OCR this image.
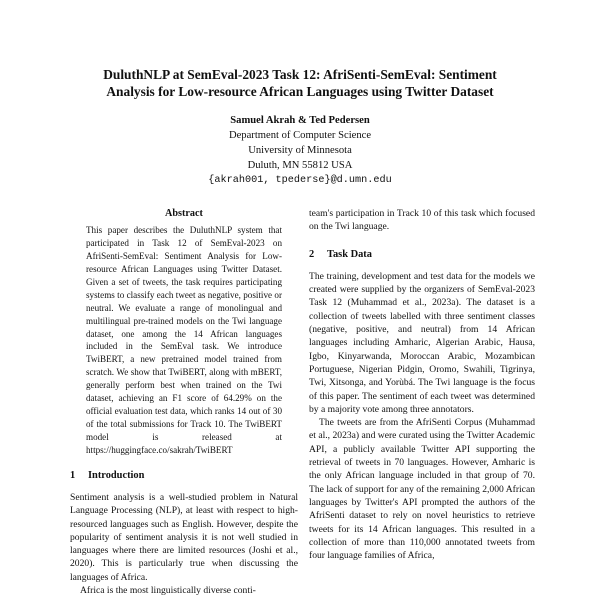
DuluthNLP at SemEval-2023 Task 12: AfriSenti-SemEval: Sentiment
Analysis for Low-resource African Languages using Twitter Dataset
Samuel Akrah & Ted Pedersen
Department of Computer Science
University of Minnesota
Duluth, MN 55812 USA
{akrah001, tpederse}@d.umn.edu
Abstract
This paper describes the DuluthNLP system that participated in Task 12 of SemEval-2023 on AfriSenti-SemEval: Sentiment Analysis for Low-resource African Languages using Twitter Dataset. Given a set of tweets, the task requires participating systems to classify each tweet as negative, positive or neutral. We evaluate a range of monolingual and multilingual pre-trained models on the Twi language dataset, one among the 14 African languages included in the SemEval task. We introduce TwiBERT, a new pretrained model trained from scratch. We show that TwiBERT, along with mBERT, generally perform best when trained on the Twi dataset, achieving an F1 score of 64.29% on the official evaluation test data, which ranks 14 out of 30 of the total submissions for Track 10. The TwiBERT model is released at https://huggingface.co/sakrah/TwiBERT
1 Introduction

Sentiment analysis is a well-studied problem in Natural Language Processing (NLP), at least with respect to high-resourced languages such as English. However, despite the popularity of sentiment analysis it is not well studied in languages where there are limited resources (Joshi et al., 2020). This is particularly true when discussing the languages of Africa.

Africa is the most linguistically diverse conti-

team's participation in Track 10 of this task which focused on the Twi language.

2 Task Data

The training, development and test data for the models we created were supplied by the organizers of SemEval-2023 Task 12 (Muhammad et al., 2023a). The dataset is a collection of tweets labelled with three sentiment classes (negative, positive, and neutral) from 14 African languages including Amharic, Algerian Arabic, Hausa, Igbo, Kinyarwanda, Moroccan Arabic, Mozambican Portuguese, Nigerian Pidgin, Oromo, Swahili, Tigrinya, Twi, Xitsonga, and Yorùbá. The Twi language is the focus of this paper. The sentiment of each tweet was determined by a majority vote among three annotators.

The tweets are from the AfriSenti Corpus (Muhammad et al., 2023a) and were curated using the Twitter Academic API, a publicly available Twitter API supporting the retrieval of tweets in 70 languages. However, Amharic is the only African language included in that group of 70. The lack of support for any of the remaining 2,000 African languages by Twitter's API prompted the authors of the AfriSenti dataset to rely on novel heuristics to retrieve tweets for its 14 African languages. This resulted in a collection of more than 110,000 annotated tweets from four language families of Africa,
